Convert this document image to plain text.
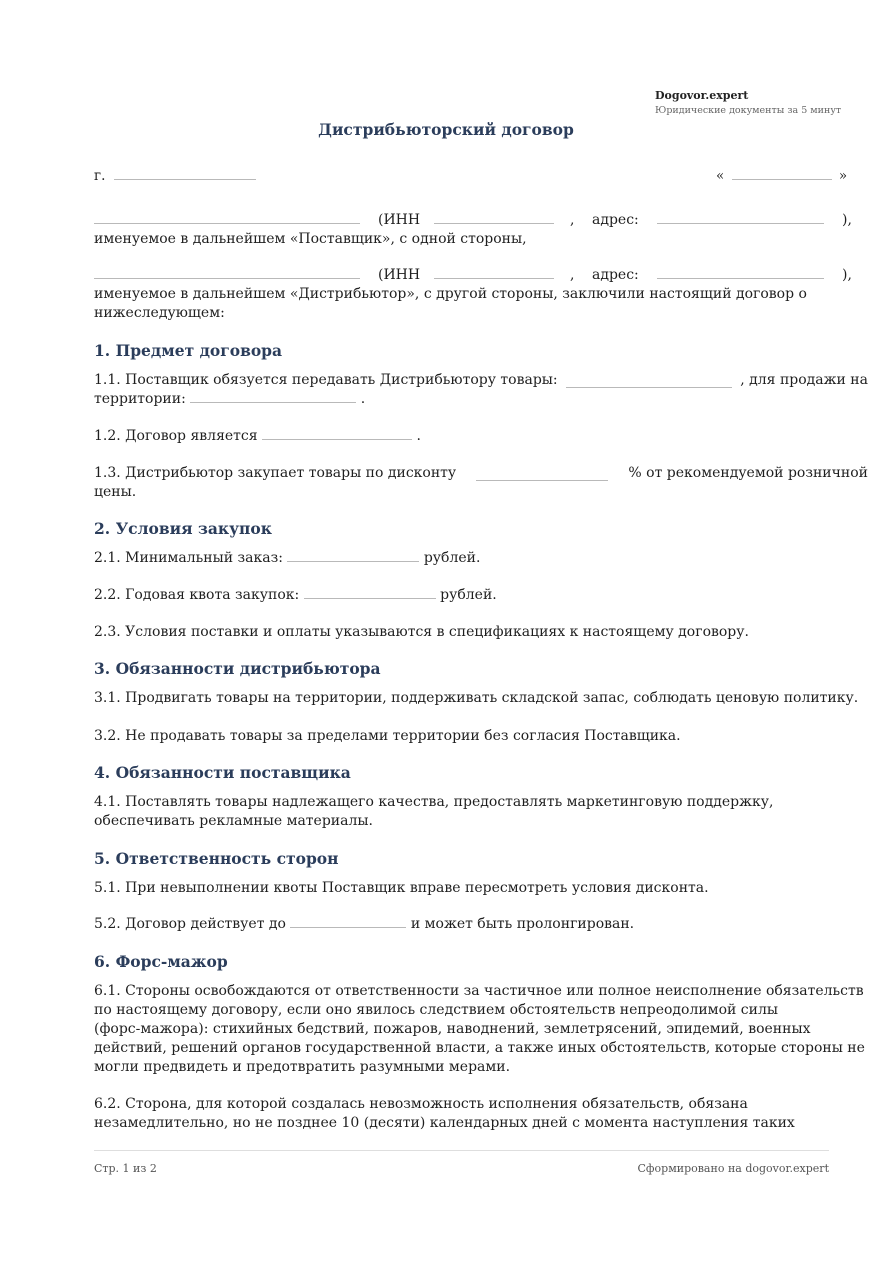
Dogovor.expert
Юридические документы за 5 минут
Дистрибьюторский договор
г.	«	»
(ИНН	, адрес:	),
именуемое в дальнейшем «Поставщик», с одной стороны,
(ИНН	, адрес:	),
именуемое в дальнейшем «Дистрибьютор», с другой стороны, заключили настоящий договор о
нижеследующем:
1. Предмет договора
1.1. Поставщик обязуется передавать Дистрибьютору товары:	, для продажи на
территории:	.
1.2. Договор является	.
1.3. Дистрибьютор закупает товары по дисконту	% от рекомендуемой розничной
цены.
2. Условия закупок
2.1. Минимальный заказ:	рублей.
2.2. Годовая квота закупок:	рублей.
2.3. Условия поставки и оплаты указываются в спецификациях к настоящему договору.
3. Обязанности дистрибьютора
3.1. Продвигать товары на территории, поддерживать складской запас, соблюдать ценовую политику.
3.2. Не продавать товары за пределами территории без согласия Поставщика.
4. Обязанности поставщика
4.1. Поставлять товары надлежащего качества, предоставлять маркетинговую поддержку,
обеспечивать рекламные материалы.
5. Ответственность сторон
5.1. При невыполнении квоты Поставщик вправе пересмотреть условия дисконта.
5.2. Договор действует до	и может быть пролонгирован.
6. Форс-мажор
6.1. Стороны освобождаются от ответственности за частичное или полное неисполнение обязательств
по настоящему договору, если оно явилось следствием обстоятельств непреодолимой силы
(форс-мажора): стихийных бедствий, пожаров, наводнений, землетрясений, эпидемий, военных
действий, решений органов государственной власти, а также иных обстоятельств, которые стороны не
могли предвидеть и предотвратить разумными мерами.
6.2. Сторона, для которой создалась невозможность исполнения обязательств, обязана
незамедлительно, но не позднее 10 (десяти) календарных дней с момента наступления таких
Стр. 1 из 2	Сформировано на dogovor.expert
